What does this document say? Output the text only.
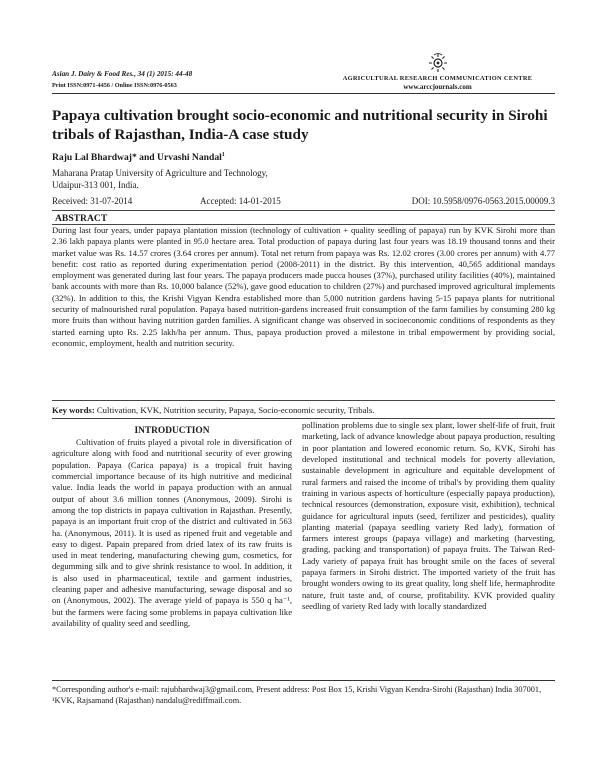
Asian J. Dairy & Food Res., 34 (1) 2015: 44-48
Print ISSN:0971-4456 / Online ISSN:0976-0563
AGRICULTURAL RESEARCH COMMUNICATION CENTRE
www.arccjournals.com
Papaya cultivation brought socio-economic and nutritional security in Sirohi tribals of Rajasthan, India-A case study
Raju Lal Bhardwaj* and Urvashi Nandal$^1$
Maharana Pratap University of Agriculture and Technology,
Udaipur-313 001, India.
Received: 31-07-2014	Accepted: 14-01-2015	DOI: 10.5958/0976-0563.2015.00009.3
ABSTRACT

During last four years, under papaya plantation mission (technology of cultivation + quality seedling of papaya) run by KVK Sirohi more than 2.36 lakh papaya plants were planted in 95.0 hectare area. Total production of papaya during last four years was 18.19 thousand tonns and their market value was Rs. 14.57 crores (3.64 crores per annum). Total net return from papaya was Rs. 12.02 crores (3.00 crores per annum) with 4.77 benefit: cost ratio as reported during experimentation period (2008-2011) in the district. By this intervention, 40,565 additional mandays employment was generated during last four years. The papaya producers made pucca houses (37%), purchased utility facilities (40%), maintained bank accounts with more than Rs. 10,000 balance (52%), gave good education to children (27%) and purchased improved agricultural implements (32%). In addition to this, the Krishi Vigyan Kendra established more than 5,000 nutrition gardens having 5-15 papaya plants for nutritional security of malnourished rural population. Papaya based nutrition-gardens increased fruit consumption of the farm families by consuming 280 kg more fruits than without having nutrition garden families. A significant change was observed in socioeconomic conditions of respondents as they started earning upto Rs. 2.25 lakh/ha per annum. Thus, papaya production proved a milestone in tribal empowerment by providing social, economic, employment, health and nutrition security.

Key words: Cultivation, KVK, Nutrition security, Papaya, Socio-economic security, Tribals.
INTRODUCTION

Cultivation of fruits played a pivotal role in diversification of agriculture along with food and nutritional security of ever growing population. Papaya (Carica papaya) is a tropical fruit having commercial importance because of its high nutritive and medicinal value. India leads the world in papaya production with an annual output of about 3.6 million tonnes (Anonymous, 2009). Sirohi is among the top districts in papaya cultivation in Rajasthan. Presently, papaya is an important fruit crop of the district and cultivated in 563 ha. (Anonymous, 2011). It is used as ripened fruit and vegetable and easy to digest. Papain prepared from dried latex of its raw fruits is used in meat tendering, manufacturing chewing gum, cosmetics, for degumming silk and to give shrink resistance to wool. In addition, it is also used in pharmaceutical, textile and garment industries, cleaning paper and adhesive manufacturing, sewage disposal and so on (Anonymous, 2002). The average yield of papaya is 550 q ha⁻¹, but the farmers were facing some problems in papaya cultivation like availability of quality seed and seedling,

pollination problems due to single sex plant, lower shelf-life of fruit, fruit marketing, lack of advance knowledge about papaya production, resulting in poor plantation and lowered economic return. So, KVK, Sirohi has developed institutional and technical models for poverty alleviation, sustainable development in agriculture and equitable development of rural farmers and raised the income of tribal's by providing them quality training in various aspects of horticulture (especially papaya production), technical resources (demonstration, exposure visit, exhibition), technical guidance for agricultural inputs (seed, fertilizer and pesticides), quality planting material (papaya seedling variety Red lady), formation of farmers interest groups (papaya village) and marketing (harvesting, grading, packing and transportation) of papaya fruits. The Taiwan Red-Lady variety of papaya fruit has brought smile on the faces of several papaya farmers in Sirohi district. The imported variety of the fruit has brought wonders owing to its great quality, long shelf life, hermaphrodite nature, fruit taste and, of course, profitability. KVK provided quality seedling of variety Red lady with locally standardized

*Corresponding author's e-mail: rajubhardwaj3@gmail.com, Present address: Post Box 15, Krishi Vigyan Kendra-Sirohi (Rajasthan) India 307001, ¹KVK, Rajsamand (Rajasthan) nandalu@rediffmail.com.
